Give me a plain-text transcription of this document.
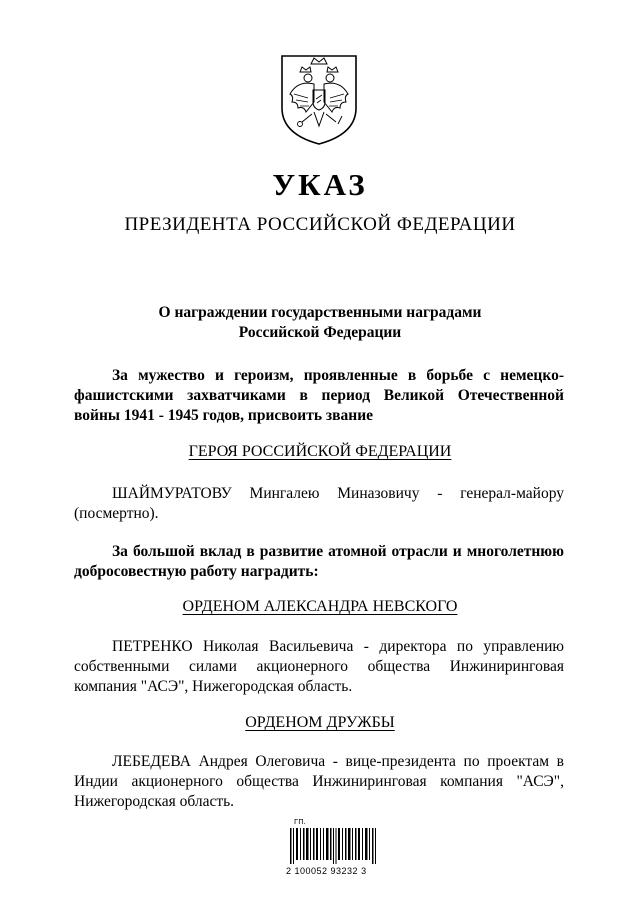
УКАЗ
ПРЕЗИДЕНТА РОССИЙСКОЙ ФЕДЕРАЦИИ
О награждении государственными наградами
Российской Федерации
За мужество и героизм, проявленные в борьбе с немецко-фашистскими захватчиками в период Великой Отечественной войны 1941 - 1945 годов, присвоить звание
ГЕРОЯ РОССИЙСКОЙ ФЕДЕРАЦИИ
ШАЙМУРАТОВУ Мингалею Миназовичу - генерал-майору (посмертно).
За большой вклад в развитие атомной отрасли и многолетнюю добросовестную работу наградить:
ОРДЕНОМ АЛЕКСАНДРА НЕВСКОГО
ПЕТРЕНКО Николая Васильевича - директора по управлению собственными силами акционерного общества Инжиниринговая компания "АСЭ", Нижегородская область.
ОРДЕНОМ ДРУЖБЫ
ЛЕБЕДЕВА Андрея Олеговича - вице-президента по проектам в Индии акционерного общества Инжиниринговая компания "АСЭ", Нижегородская область.
ГП.
2 100052 93232 3
